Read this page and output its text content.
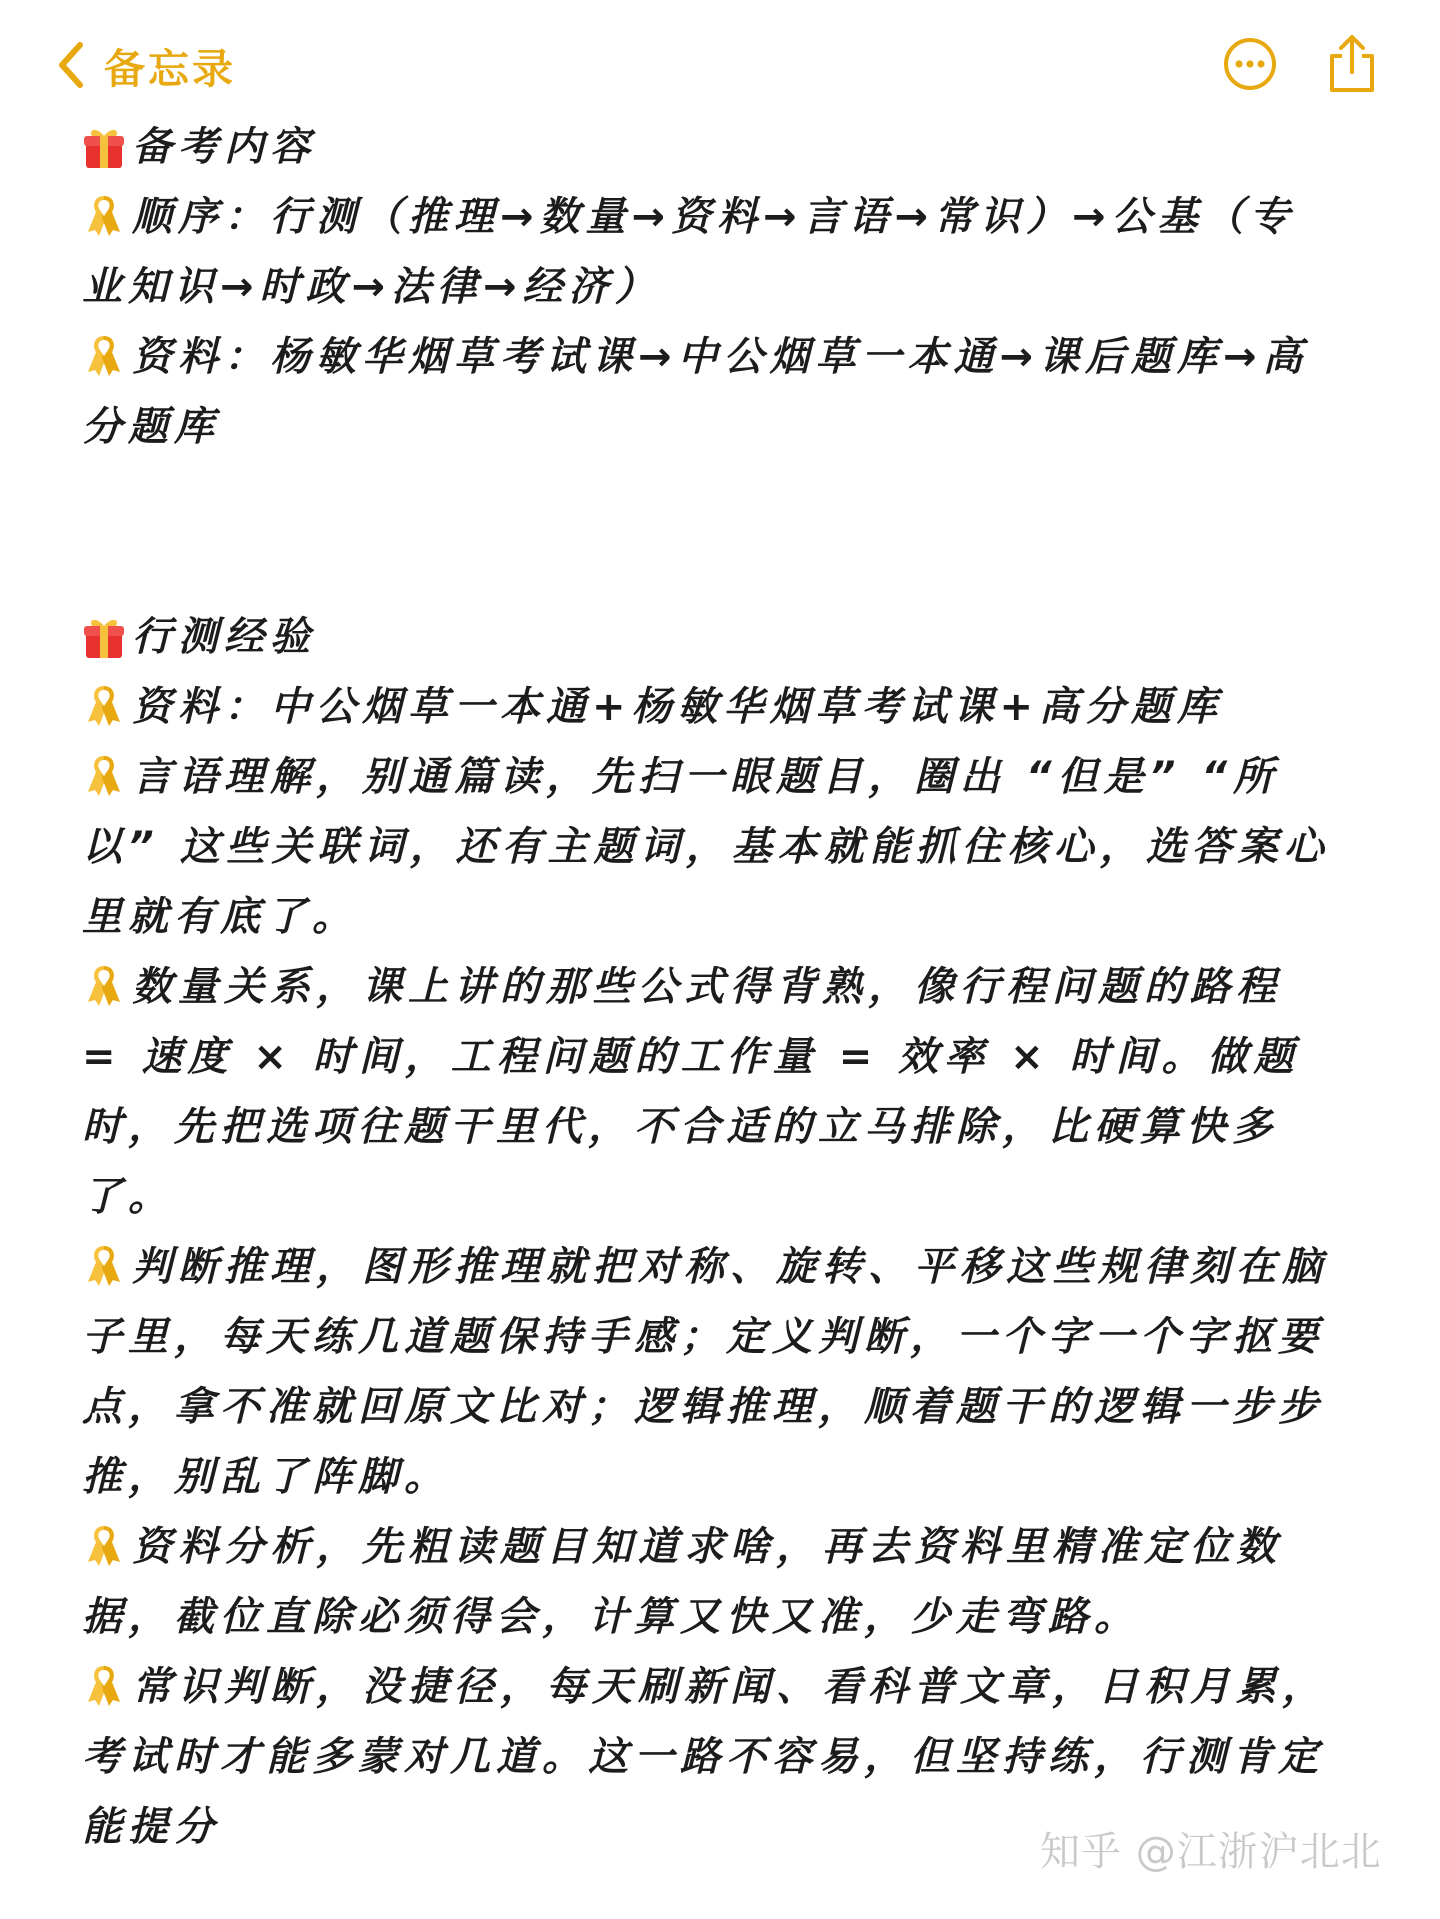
备忘录
备考内容
顺序：行测（推理→数量→资料→言语→常识）→公基（专业知识→时政→法律→经济）
资料：杨敏华烟草考试课→中公烟草一本通→课后题库→高分题库
行测经验
资料：中公烟草一本通+杨敏华烟草考试课+高分题库
言语理解，别通篇读，先扫一眼题目，圈出 “但是” “所以” 这些关联词，还有主题词，基本就能抓住核心，选答案心里就有底了。
数量关系，课上讲的那些公式得背熟，像行程问题的路程 = 速度 × 时间，工程问题的工作量 = 效率 × 时间。做题时，先把选项往题干里代，不合适的立马排除，比硬算快多了。
判断推理，图形推理就把对称、旋转、平移这些规律刻在脑子里，每天练几道题保持手感；定义判断，一个字一个字抠要点，拿不准就回原文比对；逻辑推理，顺着题干的逻辑一步步推，别乱了阵脚。
资料分析，先粗读题目知道求啥，再去资料里精准定位数据，截位直除必须得会，计算又快又准，少走弯路。
常识判断，没捷径，每天刷新闻、看科普文章，日积月累，考试时才能多蒙对几道。这一路不容易，但坚持练，行测肯定能提分
知乎 @江浙沪北北
